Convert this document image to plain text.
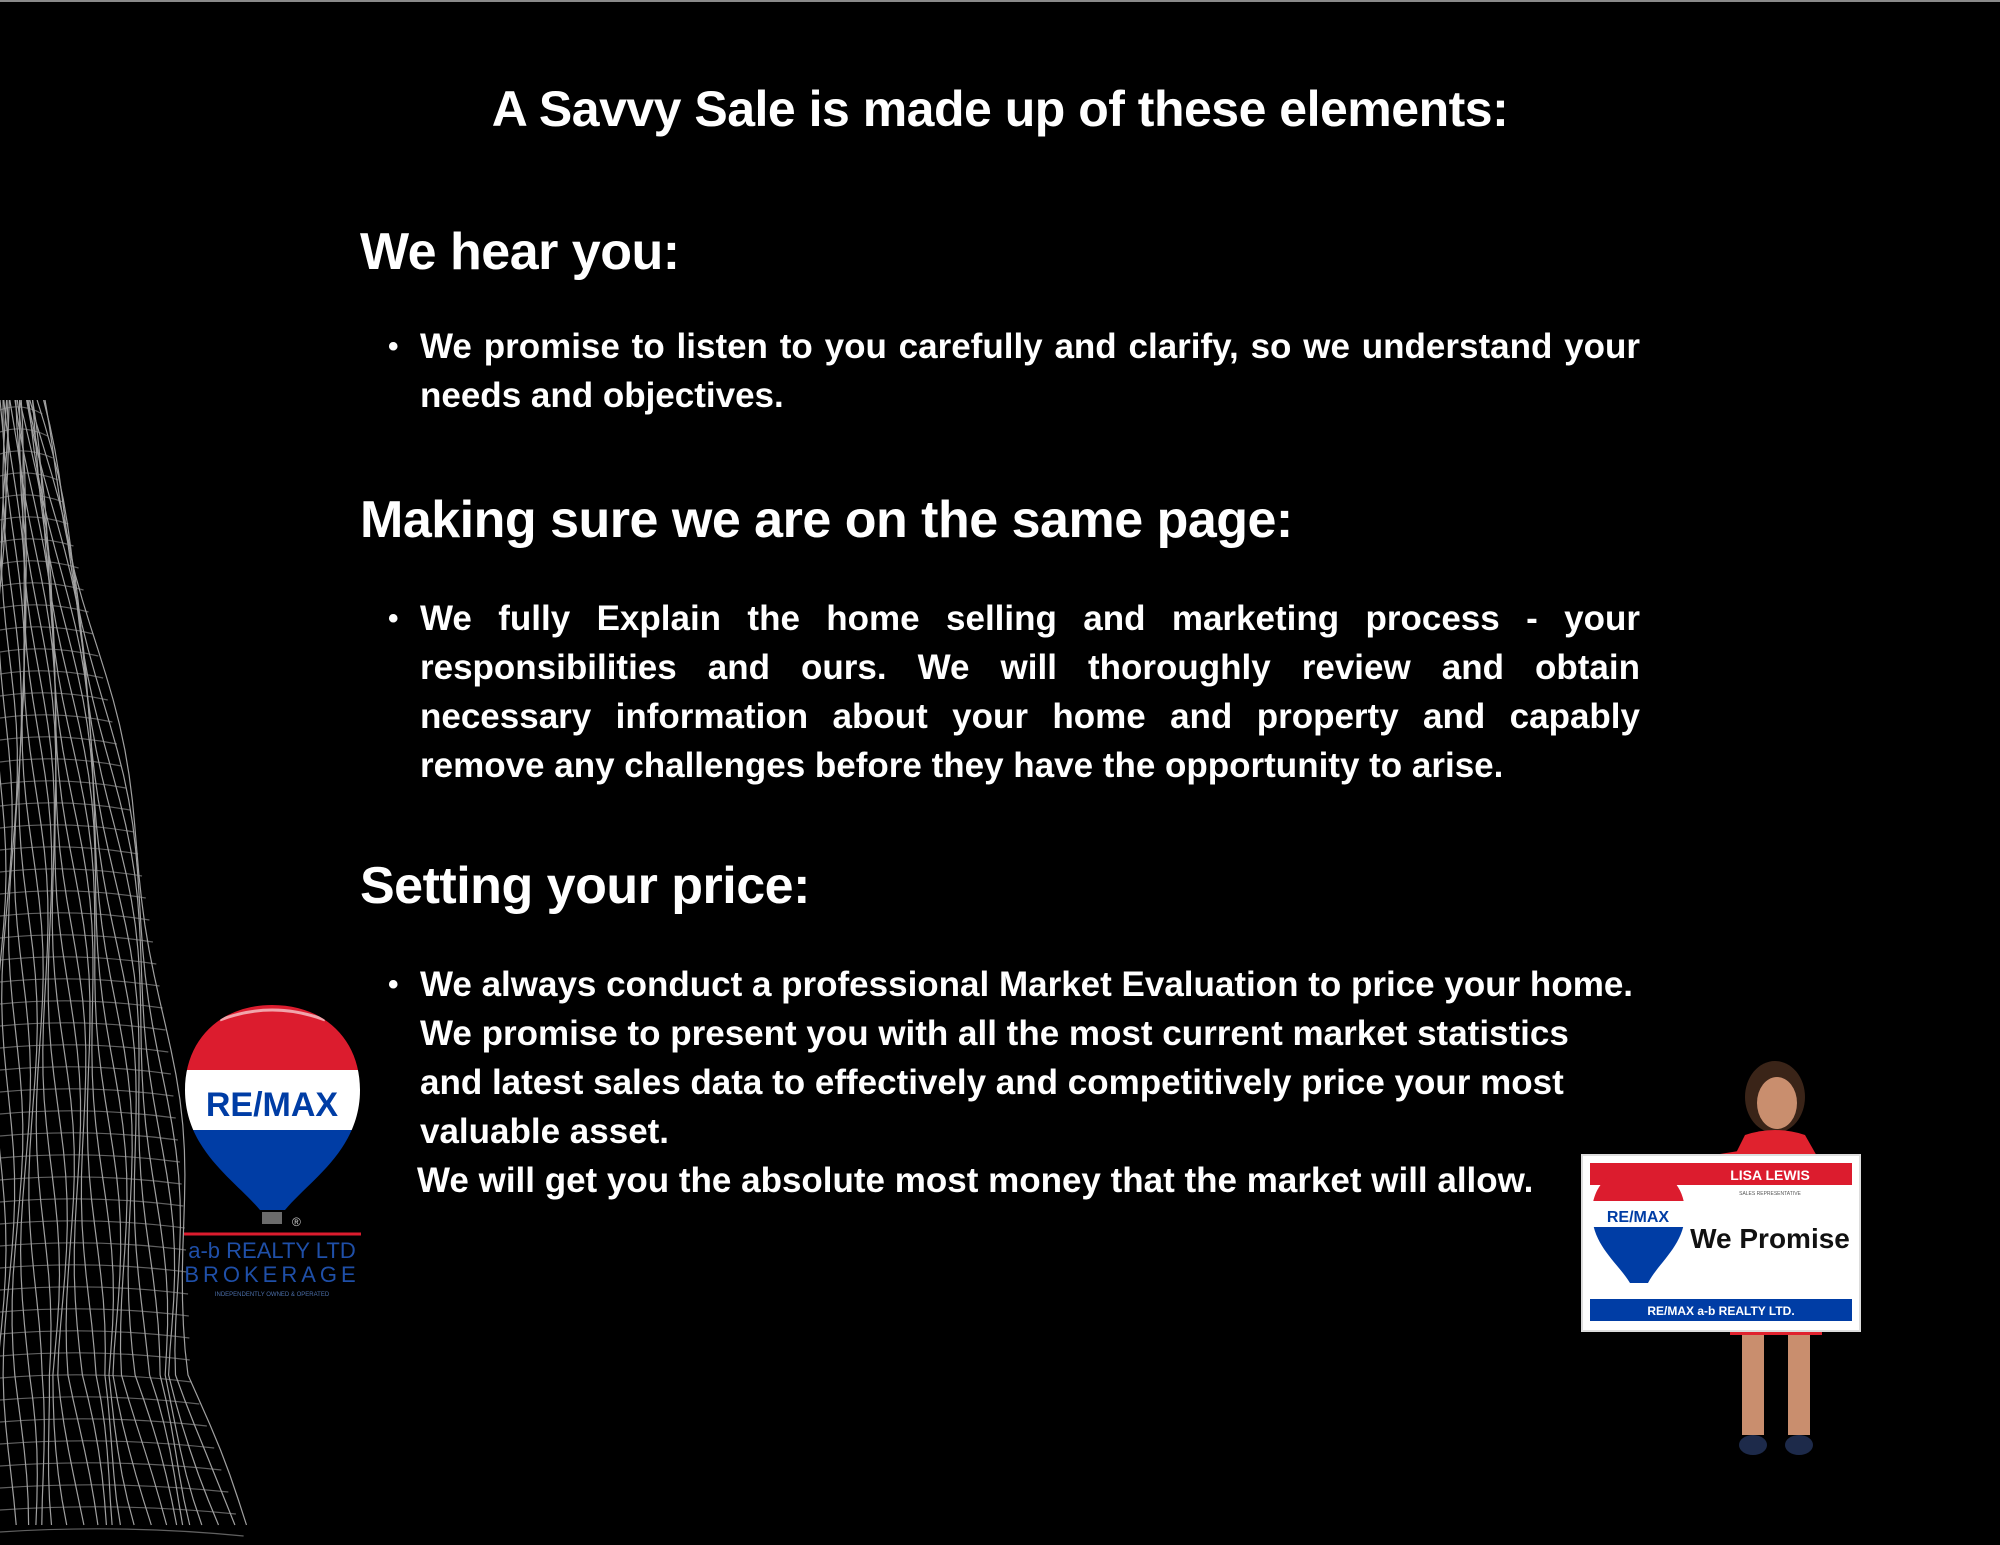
A Savvy Sale is made up of these elements:
We hear you:
• We promise to listen to you carefully and clarify, so we understand your needs and objectives.
Making sure we are on the same page:
• We fully Explain the home selling and marketing process - your responsibilities and ours. We will thoroughly review and obtain necessary information about your home and property and capably remove any challenges before they have the opportunity to arise.
Setting your price:
• We always conduct a professional Market Evaluation to price your home.
We promise to present you with all the most current market statistics and latest sales data to effectively and competitively price your most valuable asset.
We will get you the absolute most money that the market will allow.
RE/MAX
®
a-b REALTY LTD
BROKERAGE
INDEPENDENTLY OWNED & OPERATED
LISA LEWIS
SALES REPRESENTATIVE
RE/MAX
We Promise
RE/MAX a-b REALTY LTD.
